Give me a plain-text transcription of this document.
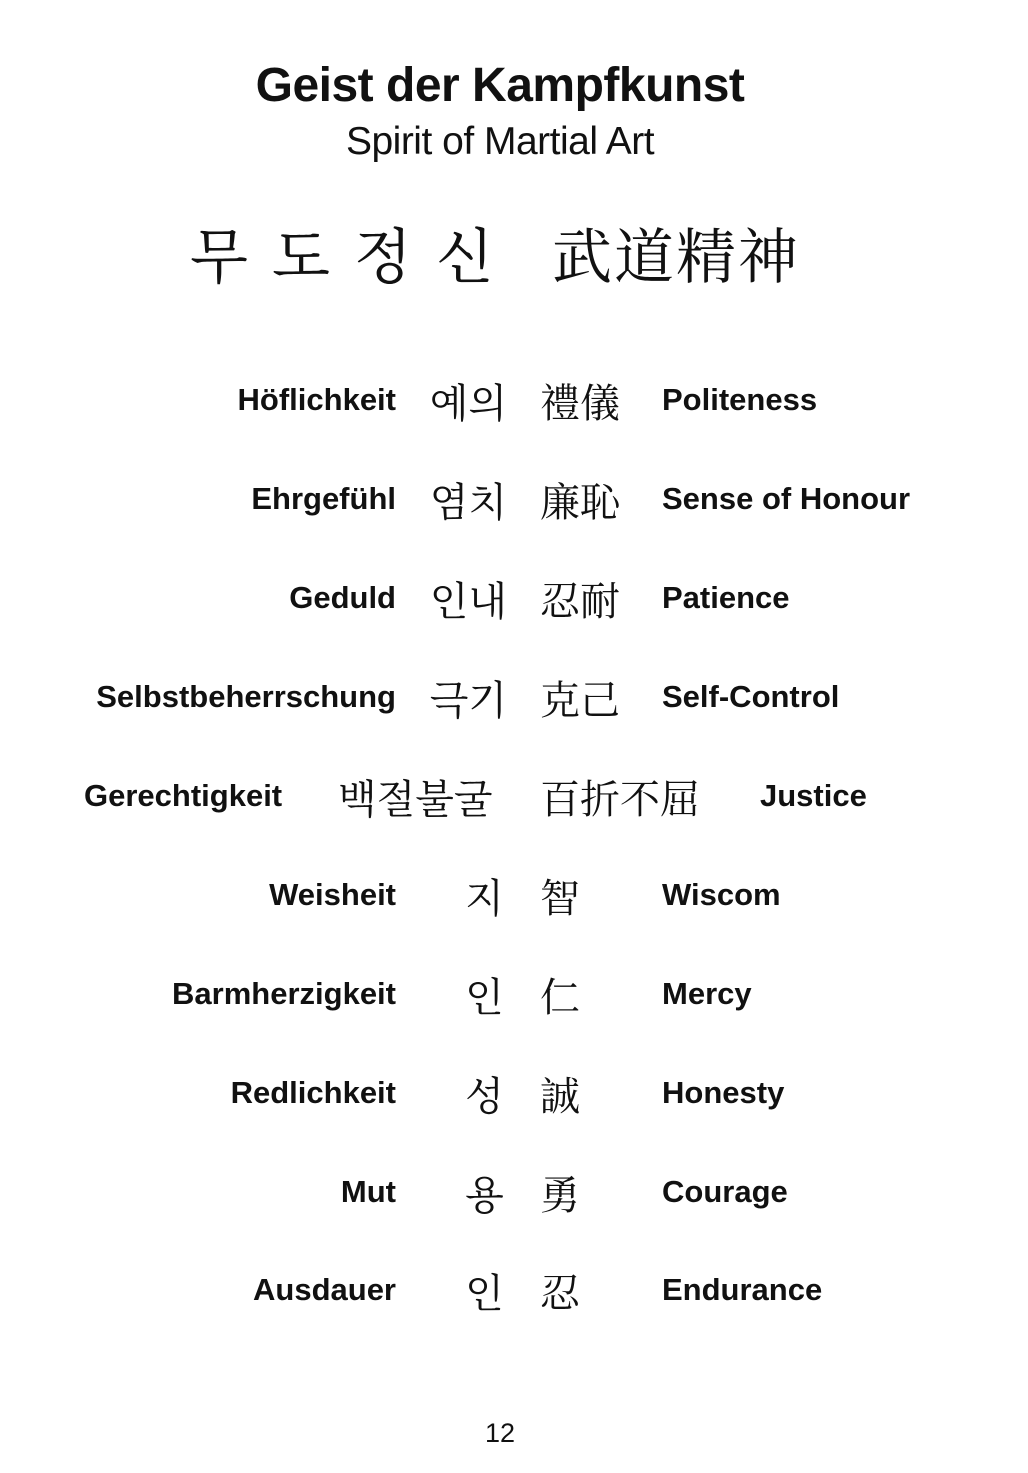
Geist der Kampfkunst
Spirit of Martial Art
무도정신 武道精神
Höflichkeit 예의 禮儀 Politeness
Ehrgefühl 염치 廉恥 Sense of Honour
Geduld 인내 忍耐 Patience
Selbstbeherrschung 극기 克己 Self-Control
Gerechtigkeit 백절불굴	百折不屈 Justice
Weisheit 지 智	Wiscom
Barmherzigkeit 인 仁	Mercy
Redlichkeit 성 誠	Honesty
Mut 용 勇	Courage
Ausdauer 인 忍	Endurance
12
